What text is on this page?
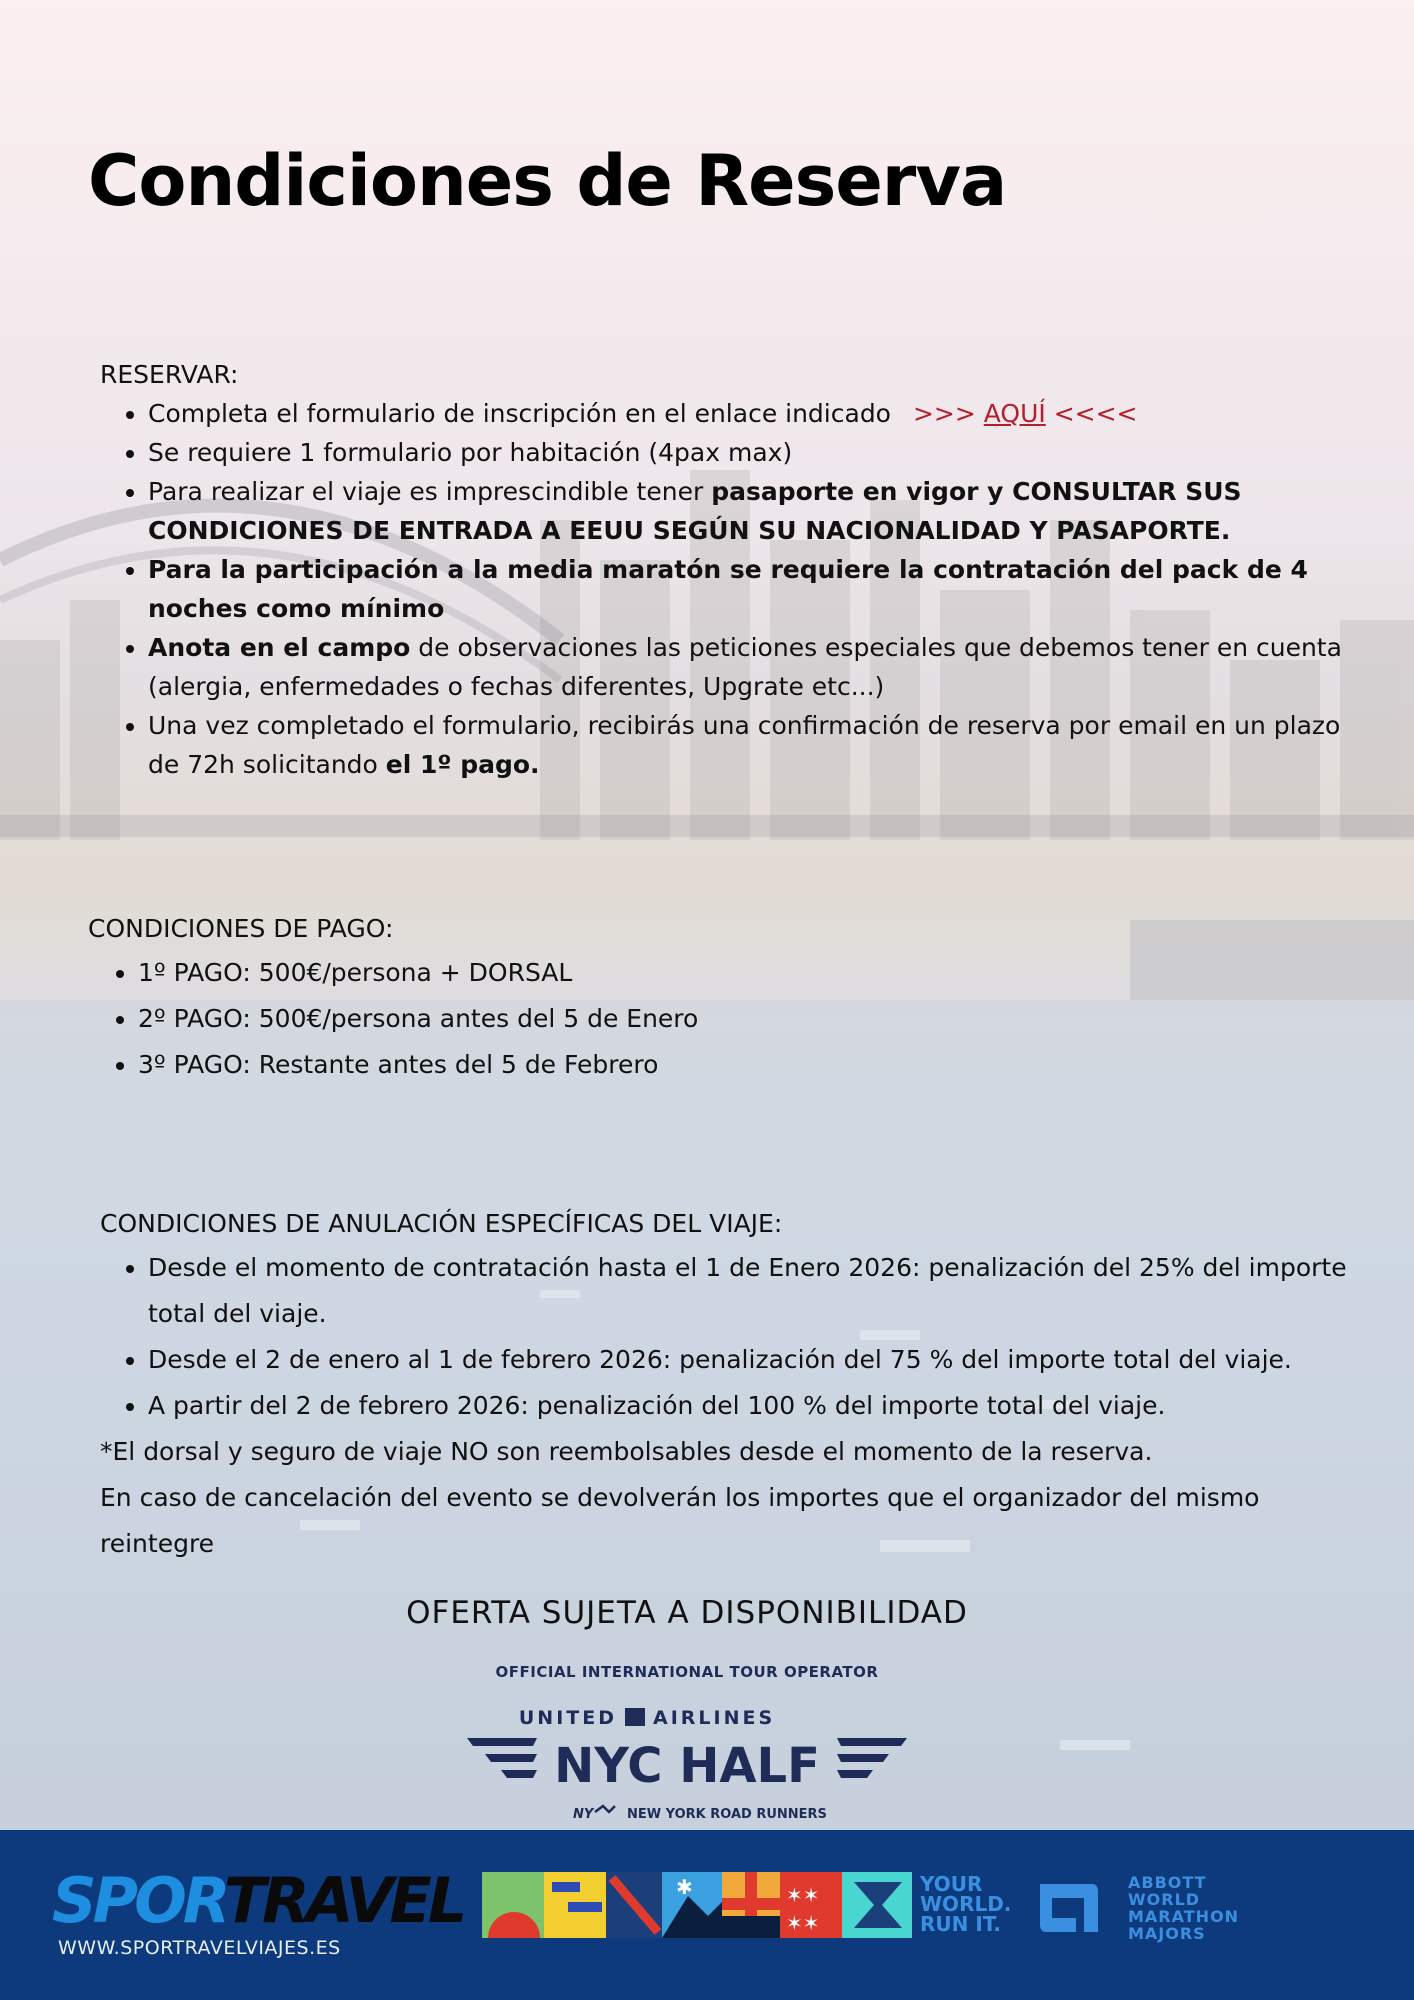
Condiciones de Reserva
RESERVAR:
• Completa el formulario de inscripción en el enlace indicado >>> AQUÍ <<<<
• Se requiere 1 formulario por habitación (4pax max)
• Para realizar el viaje es imprescindible tener pasaporte en vigor y CONSULTAR SUS CONDICIONES DE ENTRADA A EEUU SEGÚN SU NACIONALIDAD Y PASAPORTE.
• Para la participación a la media maratón se requiere la contratación del pack de 4 noches como mínimo
• Anota en el campo de observaciones las peticiones especiales que debemos tener en cuenta (alergia, enfermedades o fechas diferentes, Upgrate etc...)
• Una vez completado el formulario, recibirás una confirmación de reserva por email en un plazo de 72h solicitando el 1º pago.
CONDICIONES DE PAGO:
• 1º PAGO: 500€/persona + DORSAL
• 2º PAGO: 500€/persona antes del 5 de Enero
• 3º PAGO: Restante antes del 5 de Febrero
CONDICIONES DE ANULACIÓN ESPECÍFICAS DEL VIAJE:
• Desde el momento de contratación hasta el 1 de Enero 2026: penalización del 25% del importe total del viaje.
• Desde el 2 de enero al 1 de febrero 2026: penalización del 75 % del importe total del viaje.
• A partir del 2 de febrero 2026: penalización del 100 % del importe total del viaje.
*El dorsal y seguro de viaje NO son reembolsables desde el momento de la reserva.
En caso de cancelación del evento se devolverán los importes que el organizador del mismo reintegre
OFERTA SUJETA A DISPONIBILIDAD
OFFICIAL INTERNATIONAL TOUR OPERATOR
UNITED AIRLINES
NYC HALF
NY	NEW YORK ROAD RUNNERS
SPORTRAVEL
WWW.SPORTRAVELVIAJES.ES
✱	✶✶
✶✶
YOUR
WORLD.
RUN IT.
ABBOTT
WORLD
MARATHON
MAJORS
